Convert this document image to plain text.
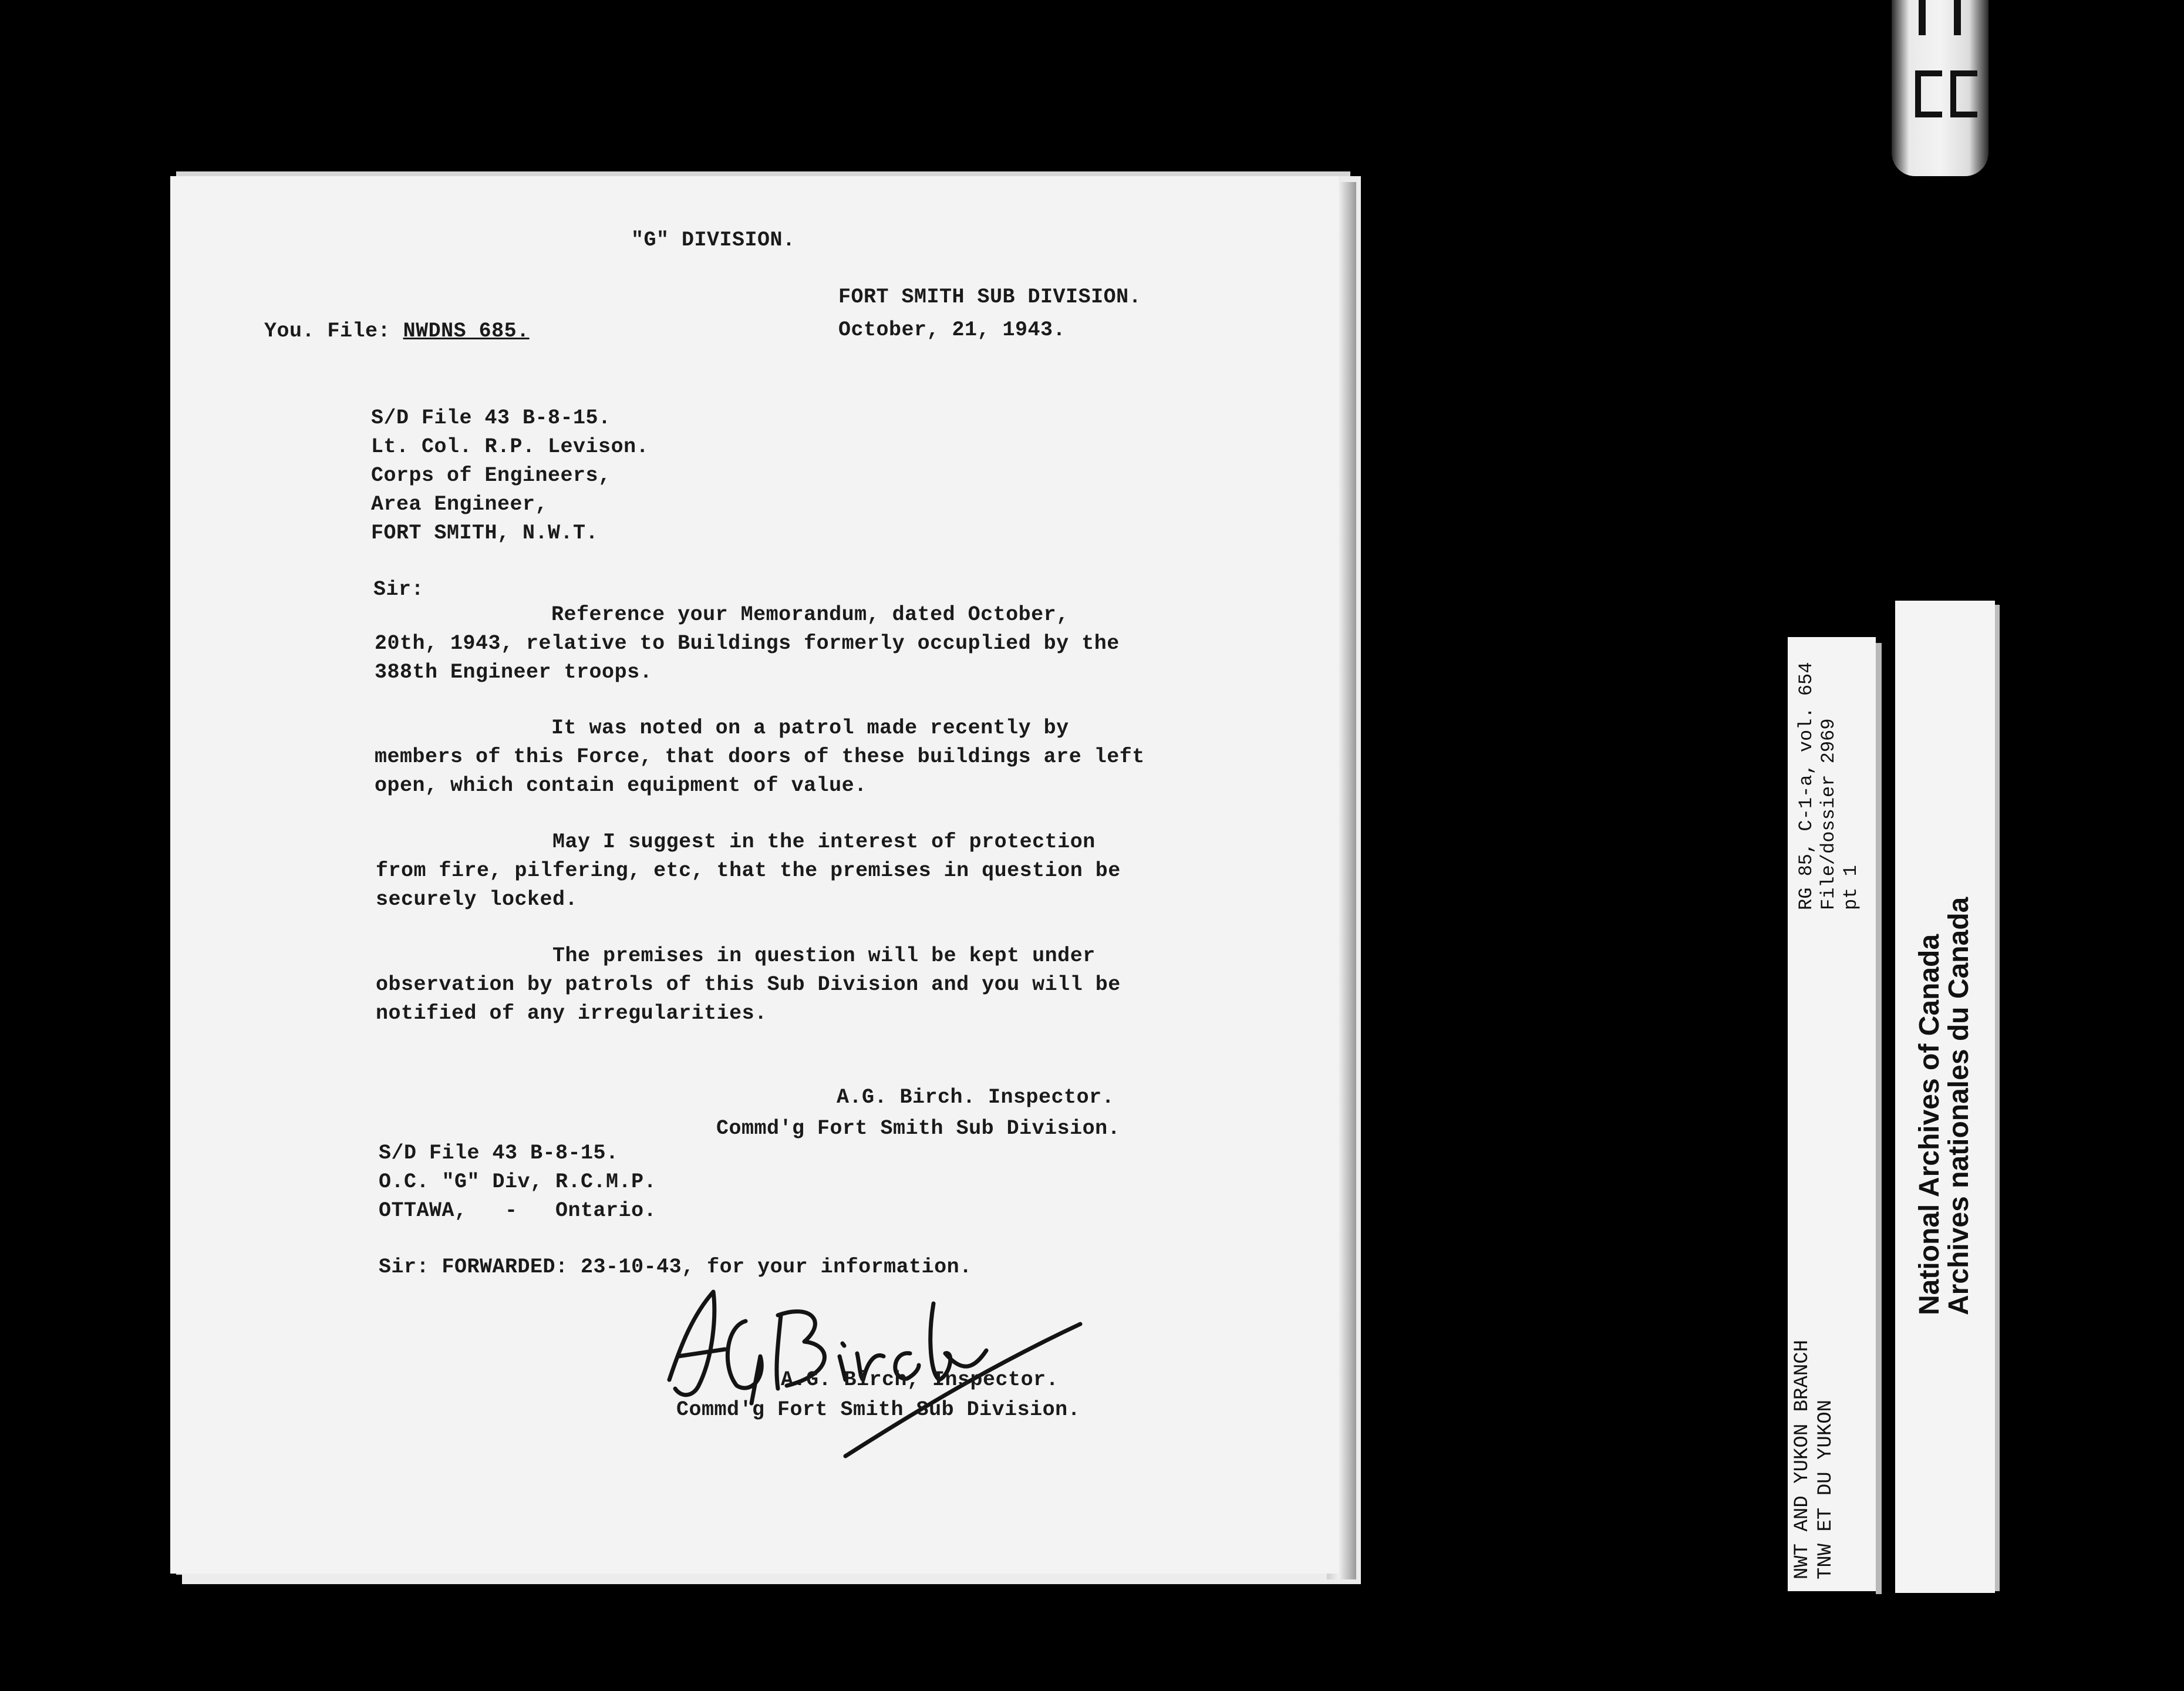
"G" DIVISION.
You. File: NWDNS 685.
FORT SMITH SUB DIVISION.
October, 21, 1943.
S/D File 43 B-8-15.
Lt. Col. R.P. Levison.
Corps of Engineers,
Area Engineer,
FORT SMITH, N.W.T.
Sir:
Reference your Memorandum, dated October,
20th, 1943, relative to Buildings formerly occuplied by the
388th Engineer troops.
It was noted on a patrol made recently by
members of this Force, that doors of these buildings are left
open, which contain equipment of value.
May I suggest in the interest of protection
from fire, pilfering, etc, that the premises in question be
securely locked.
The premises in question will be kept under
observation by patrols of this Sub Division and you will be
notified of any irregularities.
A.G. Birch. Inspector.
Commd'g Fort Smith Sub Division.
S/D File 43 B-8-15.
O.C. "G" Div, R.C.M.P.
OTTAWA,   -   Ontario.
Sir: FORWARDED: 23-10-43, for your information.
A.G. Birch, Inspector.
Commd'g Fort Smith Sub Division.	NWT AND YUKON BRANCH TNW ET DU YUKON
RG 85, C-1-a, vol. 654 File/dossier 2969 pt 1
National Archives of Canada
Archives nationales du Canada
